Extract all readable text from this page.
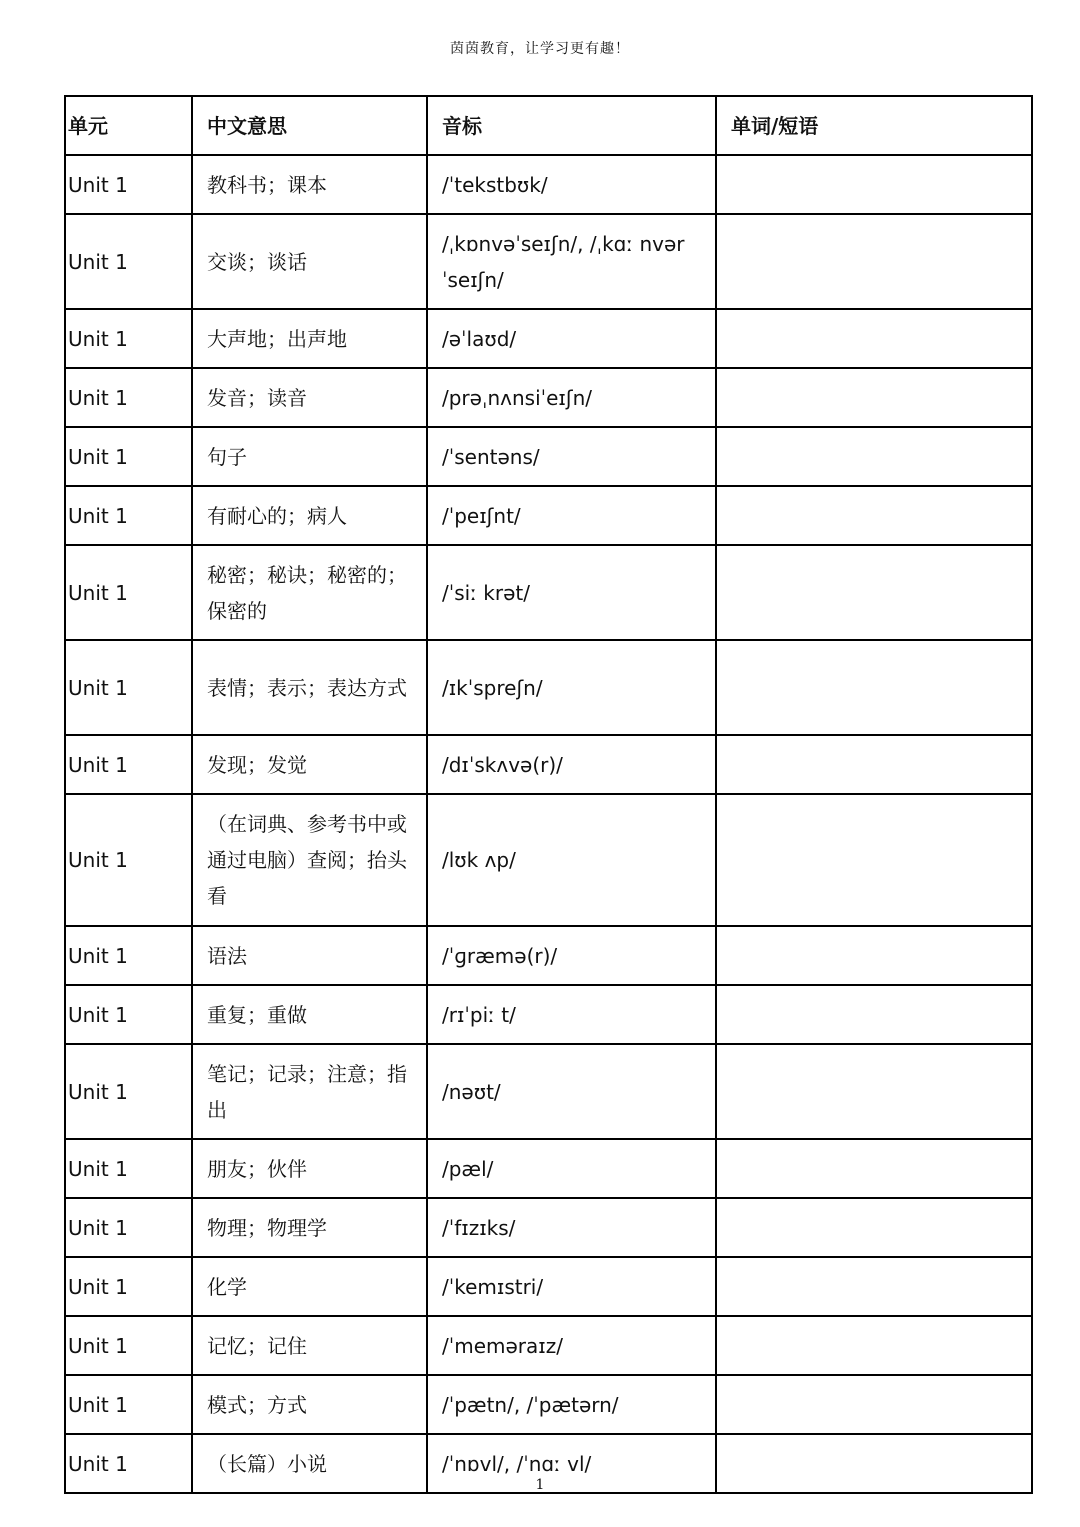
茵茵教育，让学习更有趣！
单元	中文意思	音标	单词/短语
Unit 1	教科书；课本	/ˈtekstbʊk/	
Unit 1	交谈；谈话	/ˌkɒnvəˈseɪʃn/, /ˌkɑː nvərˈseɪʃn/	
Unit 1	大声地；出声地	/əˈlaʊd/	
Unit 1	发音；读音	/prəˌnʌnsiˈeɪʃn/	
Unit 1	句子	/ˈsentəns/	
Unit 1	有耐心的；病人	/ˈpeɪʃnt/	
Unit 1	秘密；秘诀；秘密的；保密的	/ˈsiː krət/	
Unit 1	表情；表示；表达方式	/ɪkˈspreʃn/	
Unit 1	发现；发觉	/dɪˈskʌvə(r)/	
Unit 1	（在词典、参考书中或通过电脑）查阅；抬头看	/lʊk ʌp/	
Unit 1	语法	/ˈɡræmə(r)/	
Unit 1	重复；重做	/rɪˈpiː t/	
Unit 1	笔记；记录；注意；指出	/nəʊt/	
Unit 1	朋友；伙伴	/pæl/	
Unit 1	物理；物理学	/ˈfɪzɪks/	
Unit 1	化学	/ˈkemɪstri/	
Unit 1	记忆；记住	/ˈmeməraɪz/	
Unit 1	模式；方式	/ˈpætn/, /ˈpætərn/	
Unit 1	（长篇）小说	/ˈnɒvl/, /ˈnɑː vl/	
1
